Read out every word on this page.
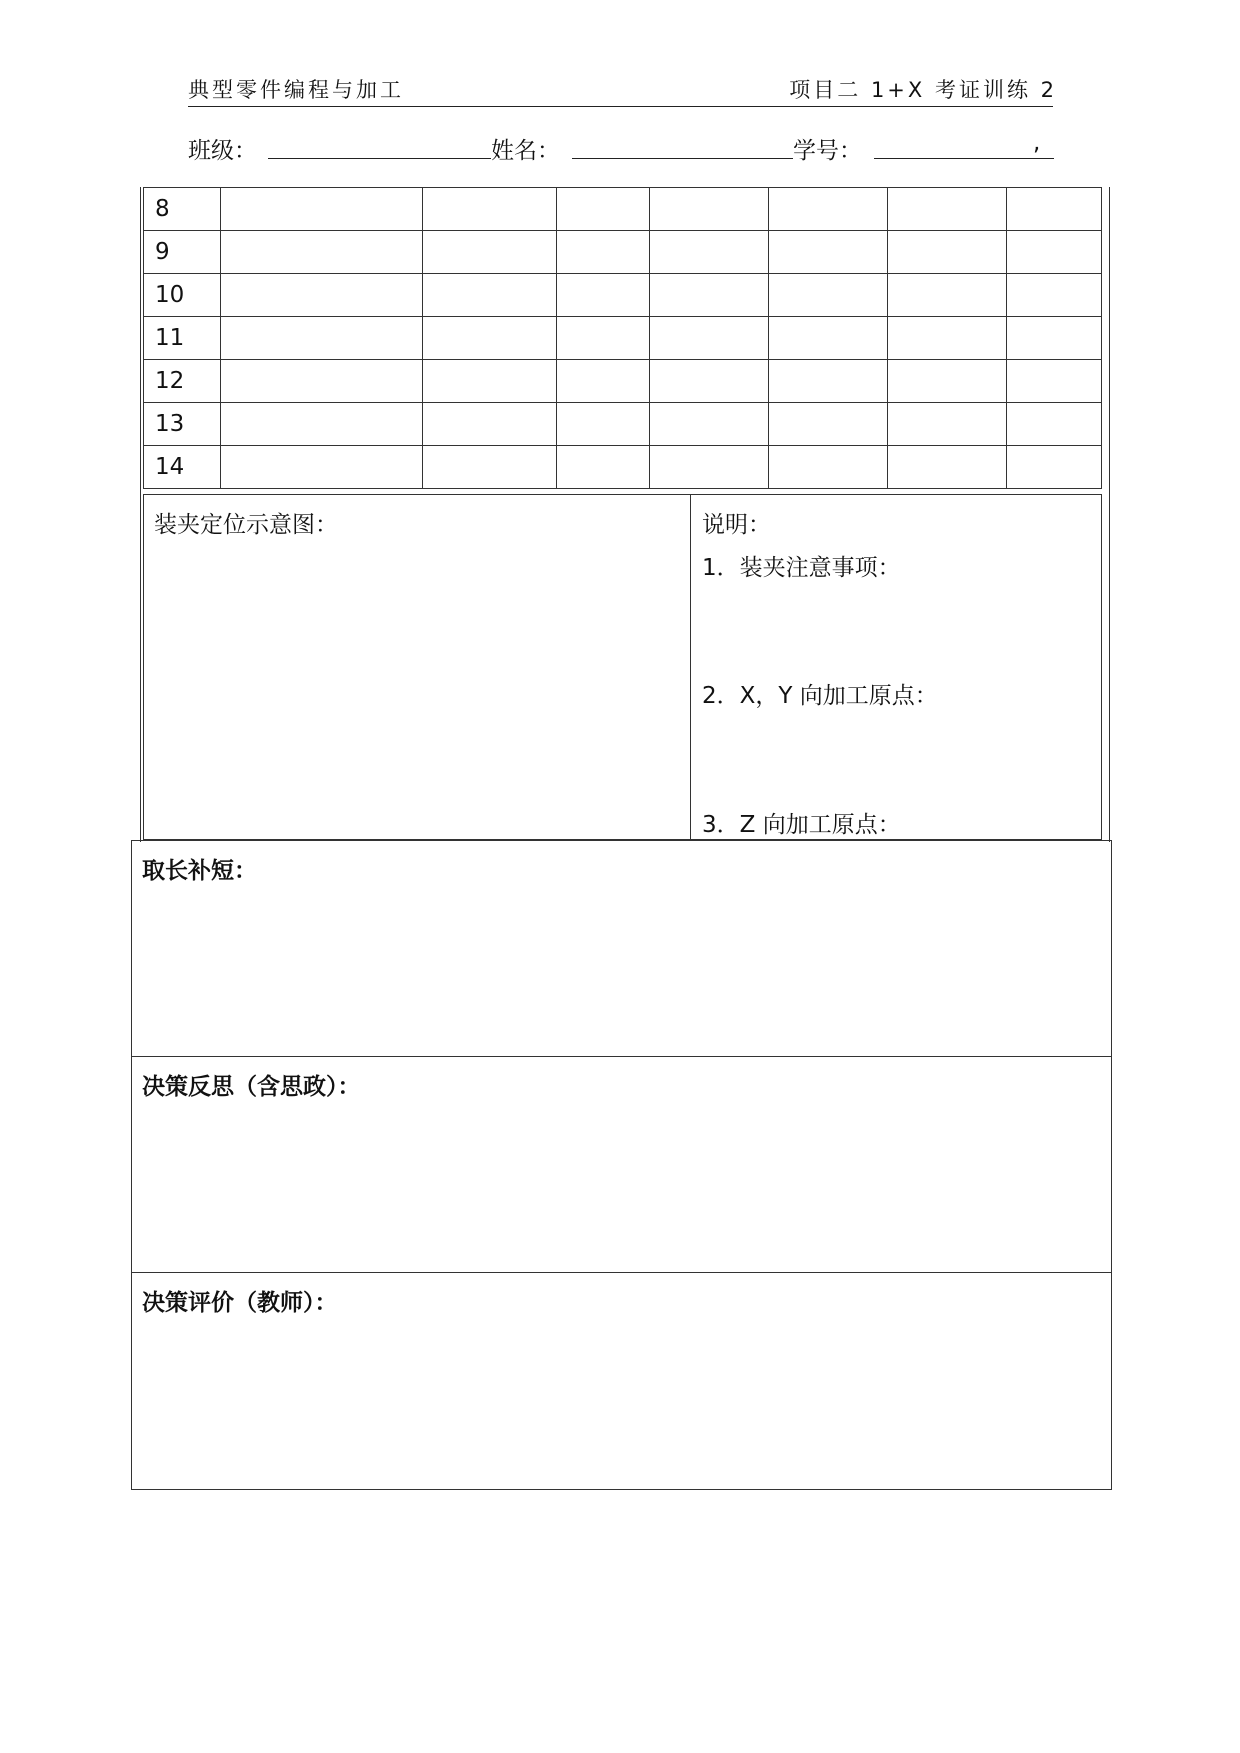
典型零件编程与加工	项目二 1+X 考证训练 2
班级：	姓名：	学号：	,
8							
9							
10							
11							
12							
13							
14							
装夹定位示意图：	说明：
1．装夹注意事项：
2．X，Y 向加工原点：
3．Z 向加工原点：
取长补短：
决策反思（含思政）：
决策评价（教师）：
